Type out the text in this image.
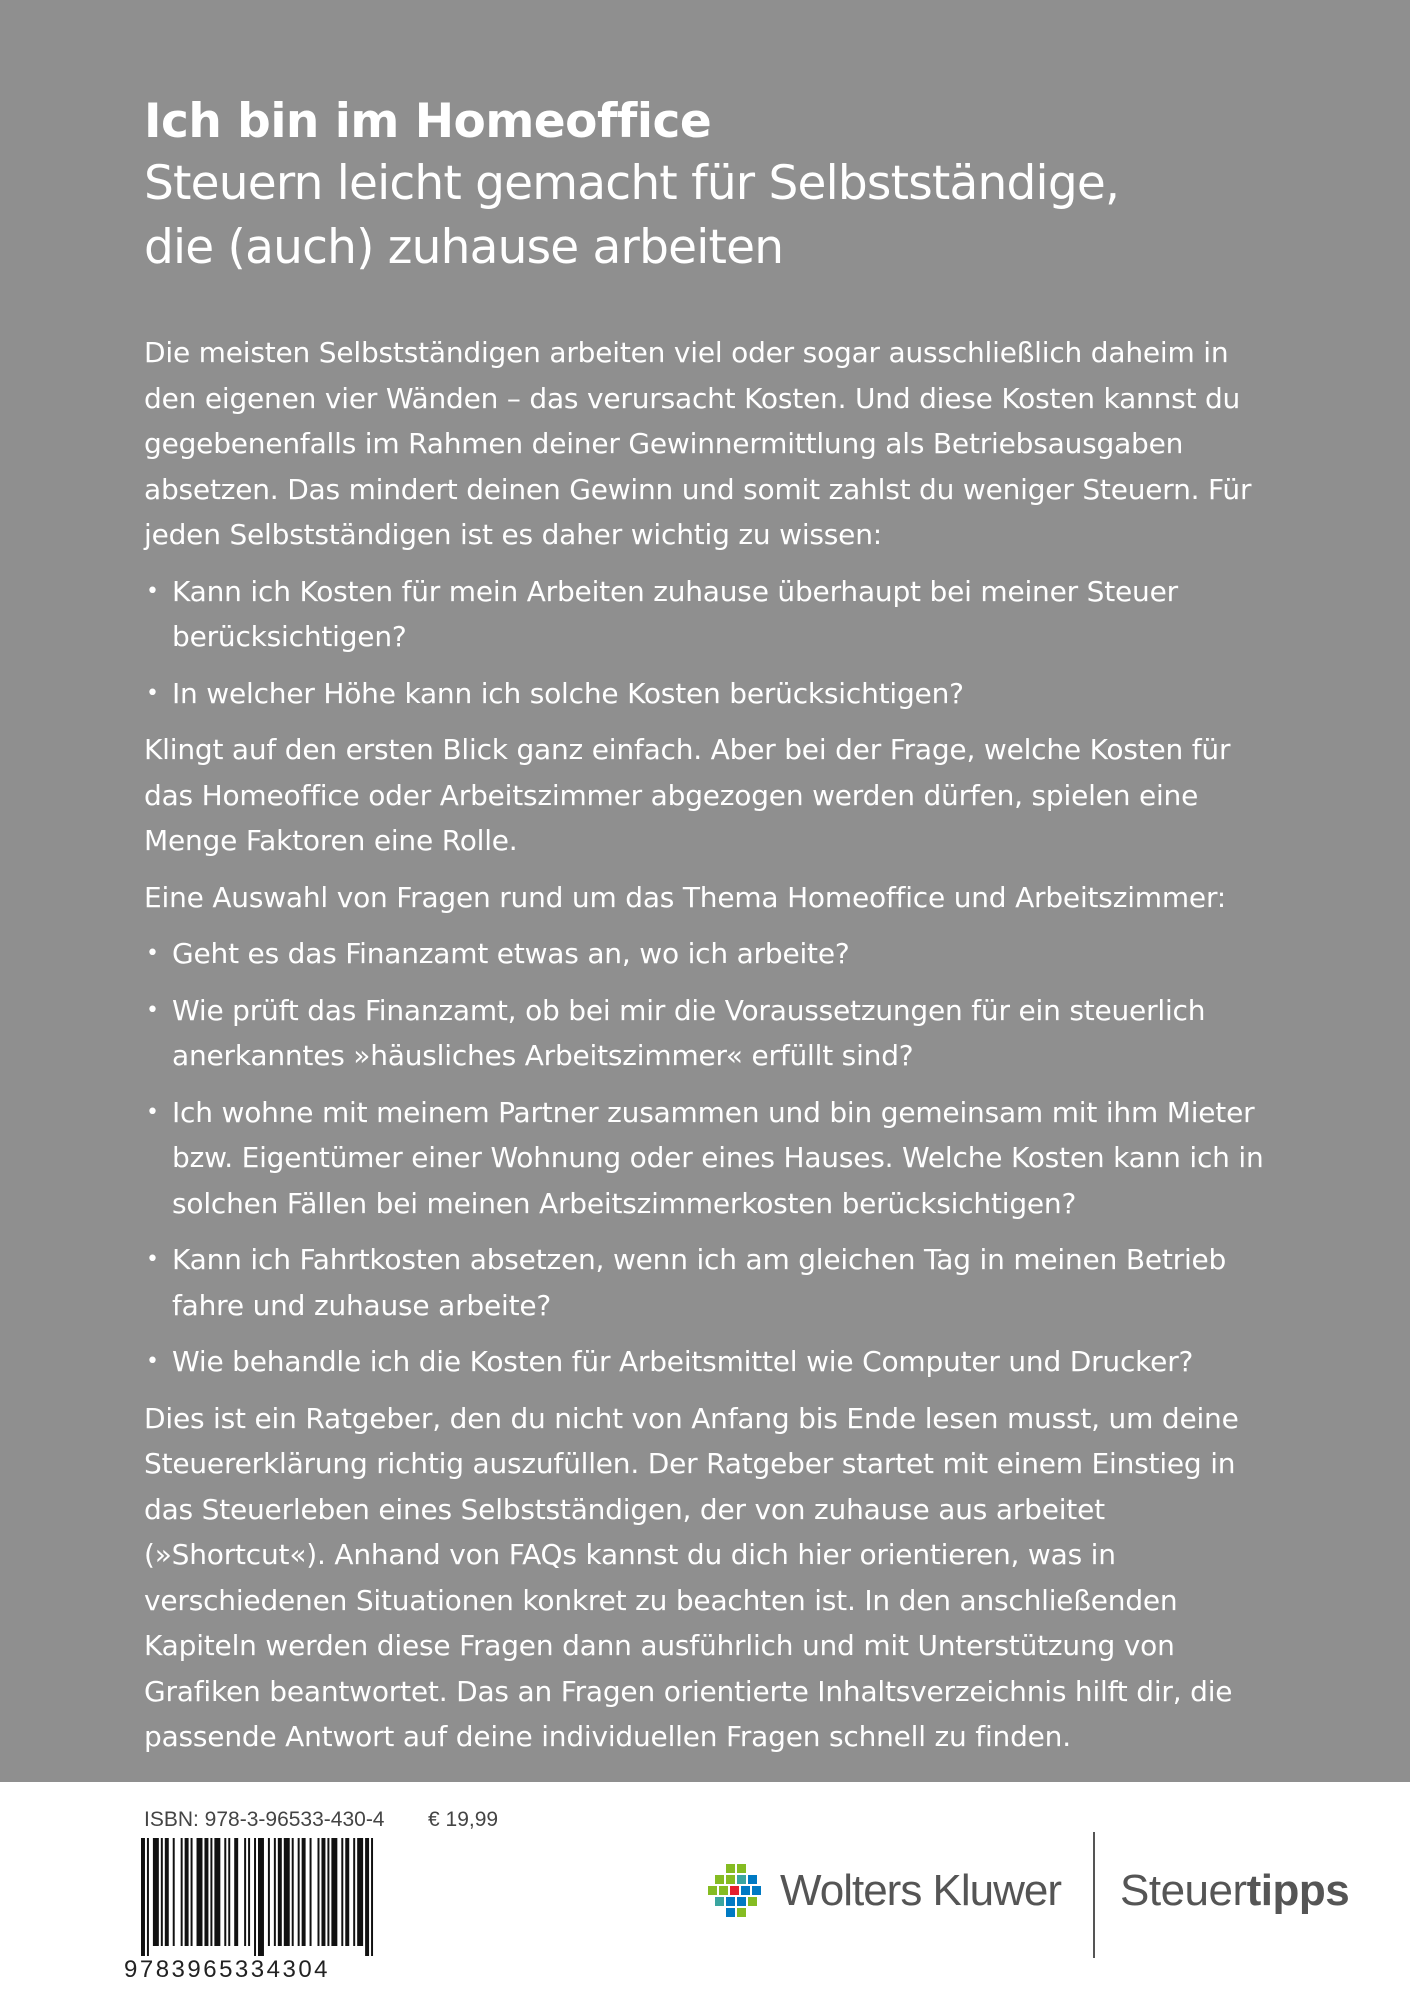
Ich bin im Homeoffice
Steuern leicht gemacht für Selbstständige,
die (auch) zuhause arbeiten

Die meisten Selbstständigen arbeiten viel oder sogar ausschließlich daheim in den eigenen vier Wänden – das verursacht Kosten. Und diese Kosten kannst du gegebenenfalls im Rahmen deiner Gewinnermittlung als Betriebsausgaben absetzen. Das mindert deinen Gewinn und somit zahlst du weniger Steuern. Für jeden Selbstständigen ist es daher wichtig zu wissen:

• Kann ich Kosten für mein Arbeiten zuhause überhaupt bei meiner Steuer berücksichtigen?
• In welcher Höhe kann ich solche Kosten berücksichtigen?

Klingt auf den ersten Blick ganz einfach. Aber bei der Frage, welche Kosten für das Homeoffice oder Arbeitszimmer abgezogen werden dürfen, spielen eine Menge Faktoren eine Rolle.

Eine Auswahl von Fragen rund um das Thema Homeoffice und Arbeitszimmer:

• Geht es das Finanzamt etwas an, wo ich arbeite?
• Wie prüft das Finanzamt, ob bei mir die Voraussetzungen für ein steuerlich anerkanntes »häusliches Arbeitszimmer« erfüllt sind?
• Ich wohne mit meinem Partner zusammen und bin gemeinsam mit ihm Mieter bzw. Eigentümer einer Wohnung oder eines Hauses. Welche Kosten kann ich in solchen Fällen bei meinen Arbeitszimmerkosten berücksichtigen?
• Kann ich Fahrtkosten absetzen, wenn ich am gleichen Tag in meinen Betrieb fahre und zuhause arbeite?
• Wie behandle ich die Kosten für Arbeitsmittel wie Computer und Drucker?

Dies ist ein Ratgeber, den du nicht von Anfang bis Ende lesen musst, um deine Steuererklärung richtig auszufüllen. Der Ratgeber startet mit einem Einstieg in das Steuerleben eines Selbstständigen, der von zuhause aus arbeitet (»Shortcut«). Anhand von FAQs kannst du dich hier orientieren, was in verschiedenen Situationen konkret zu beachten ist. In den anschließenden Kapiteln werden diese Fragen dann ausführlich und mit Unterstützung von Grafiken beantwortet. Das an Fragen orientierte Inhaltsverzeichnis hilft dir, die passende Antwort auf deine individuellen Fragen schnell zu finden.

ISBN: 978-3-96533-430-4 € 19,99
9783965334304
Wolters Kluwer Steuertipps
